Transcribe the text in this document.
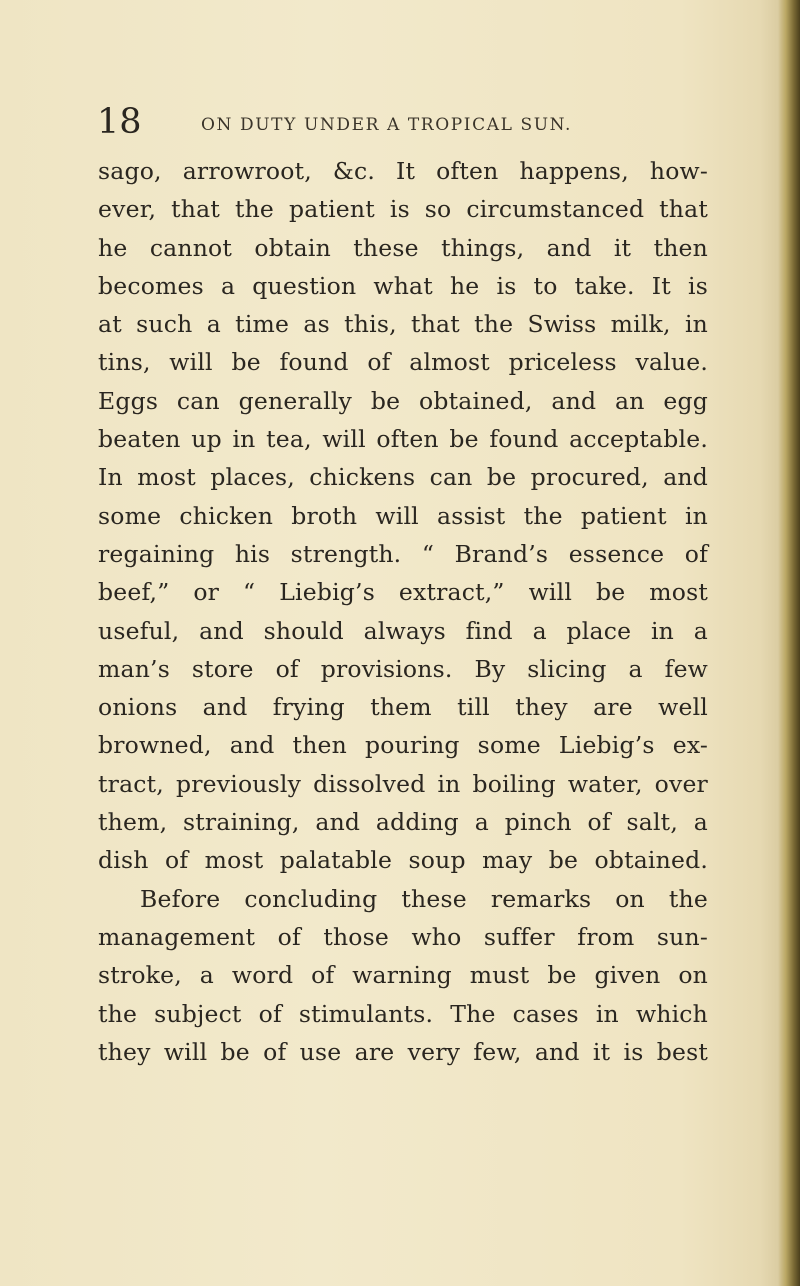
18	ON DUTY UNDER A TROPICAL SUN.
sago, arrowroot, &c. It often happens, how-
ever, that the patient is so circumstanced that
he cannot obtain these things, and it then
becomes a question what he is to take. It is
at such a time as this, that the Swiss milk, in
tins, will be found of almost priceless value.
Eggs can generally be obtained, and an egg
beaten up in tea, will often be found acceptable.
In most places, chickens can be procured, and
some chicken broth will assist the patient in
regaining his strength. “ Brand’s essence of
beef,” or “ Liebig’s extract,” will be most
useful, and should always find a place in a
man’s store of provisions. By slicing a few
onions and frying them till they are well
browned, and then pouring some Liebig’s ex-
tract, previously dissolved in boiling water, over
them, straining, and adding a pinch of salt, a
dish of most palatable soup may be obtained.
Before concluding these remarks on the
management of those who suffer from sun-
stroke, a word of warning must be given on
the subject of stimulants. The cases in which
they will be of use are very few, and it is best
